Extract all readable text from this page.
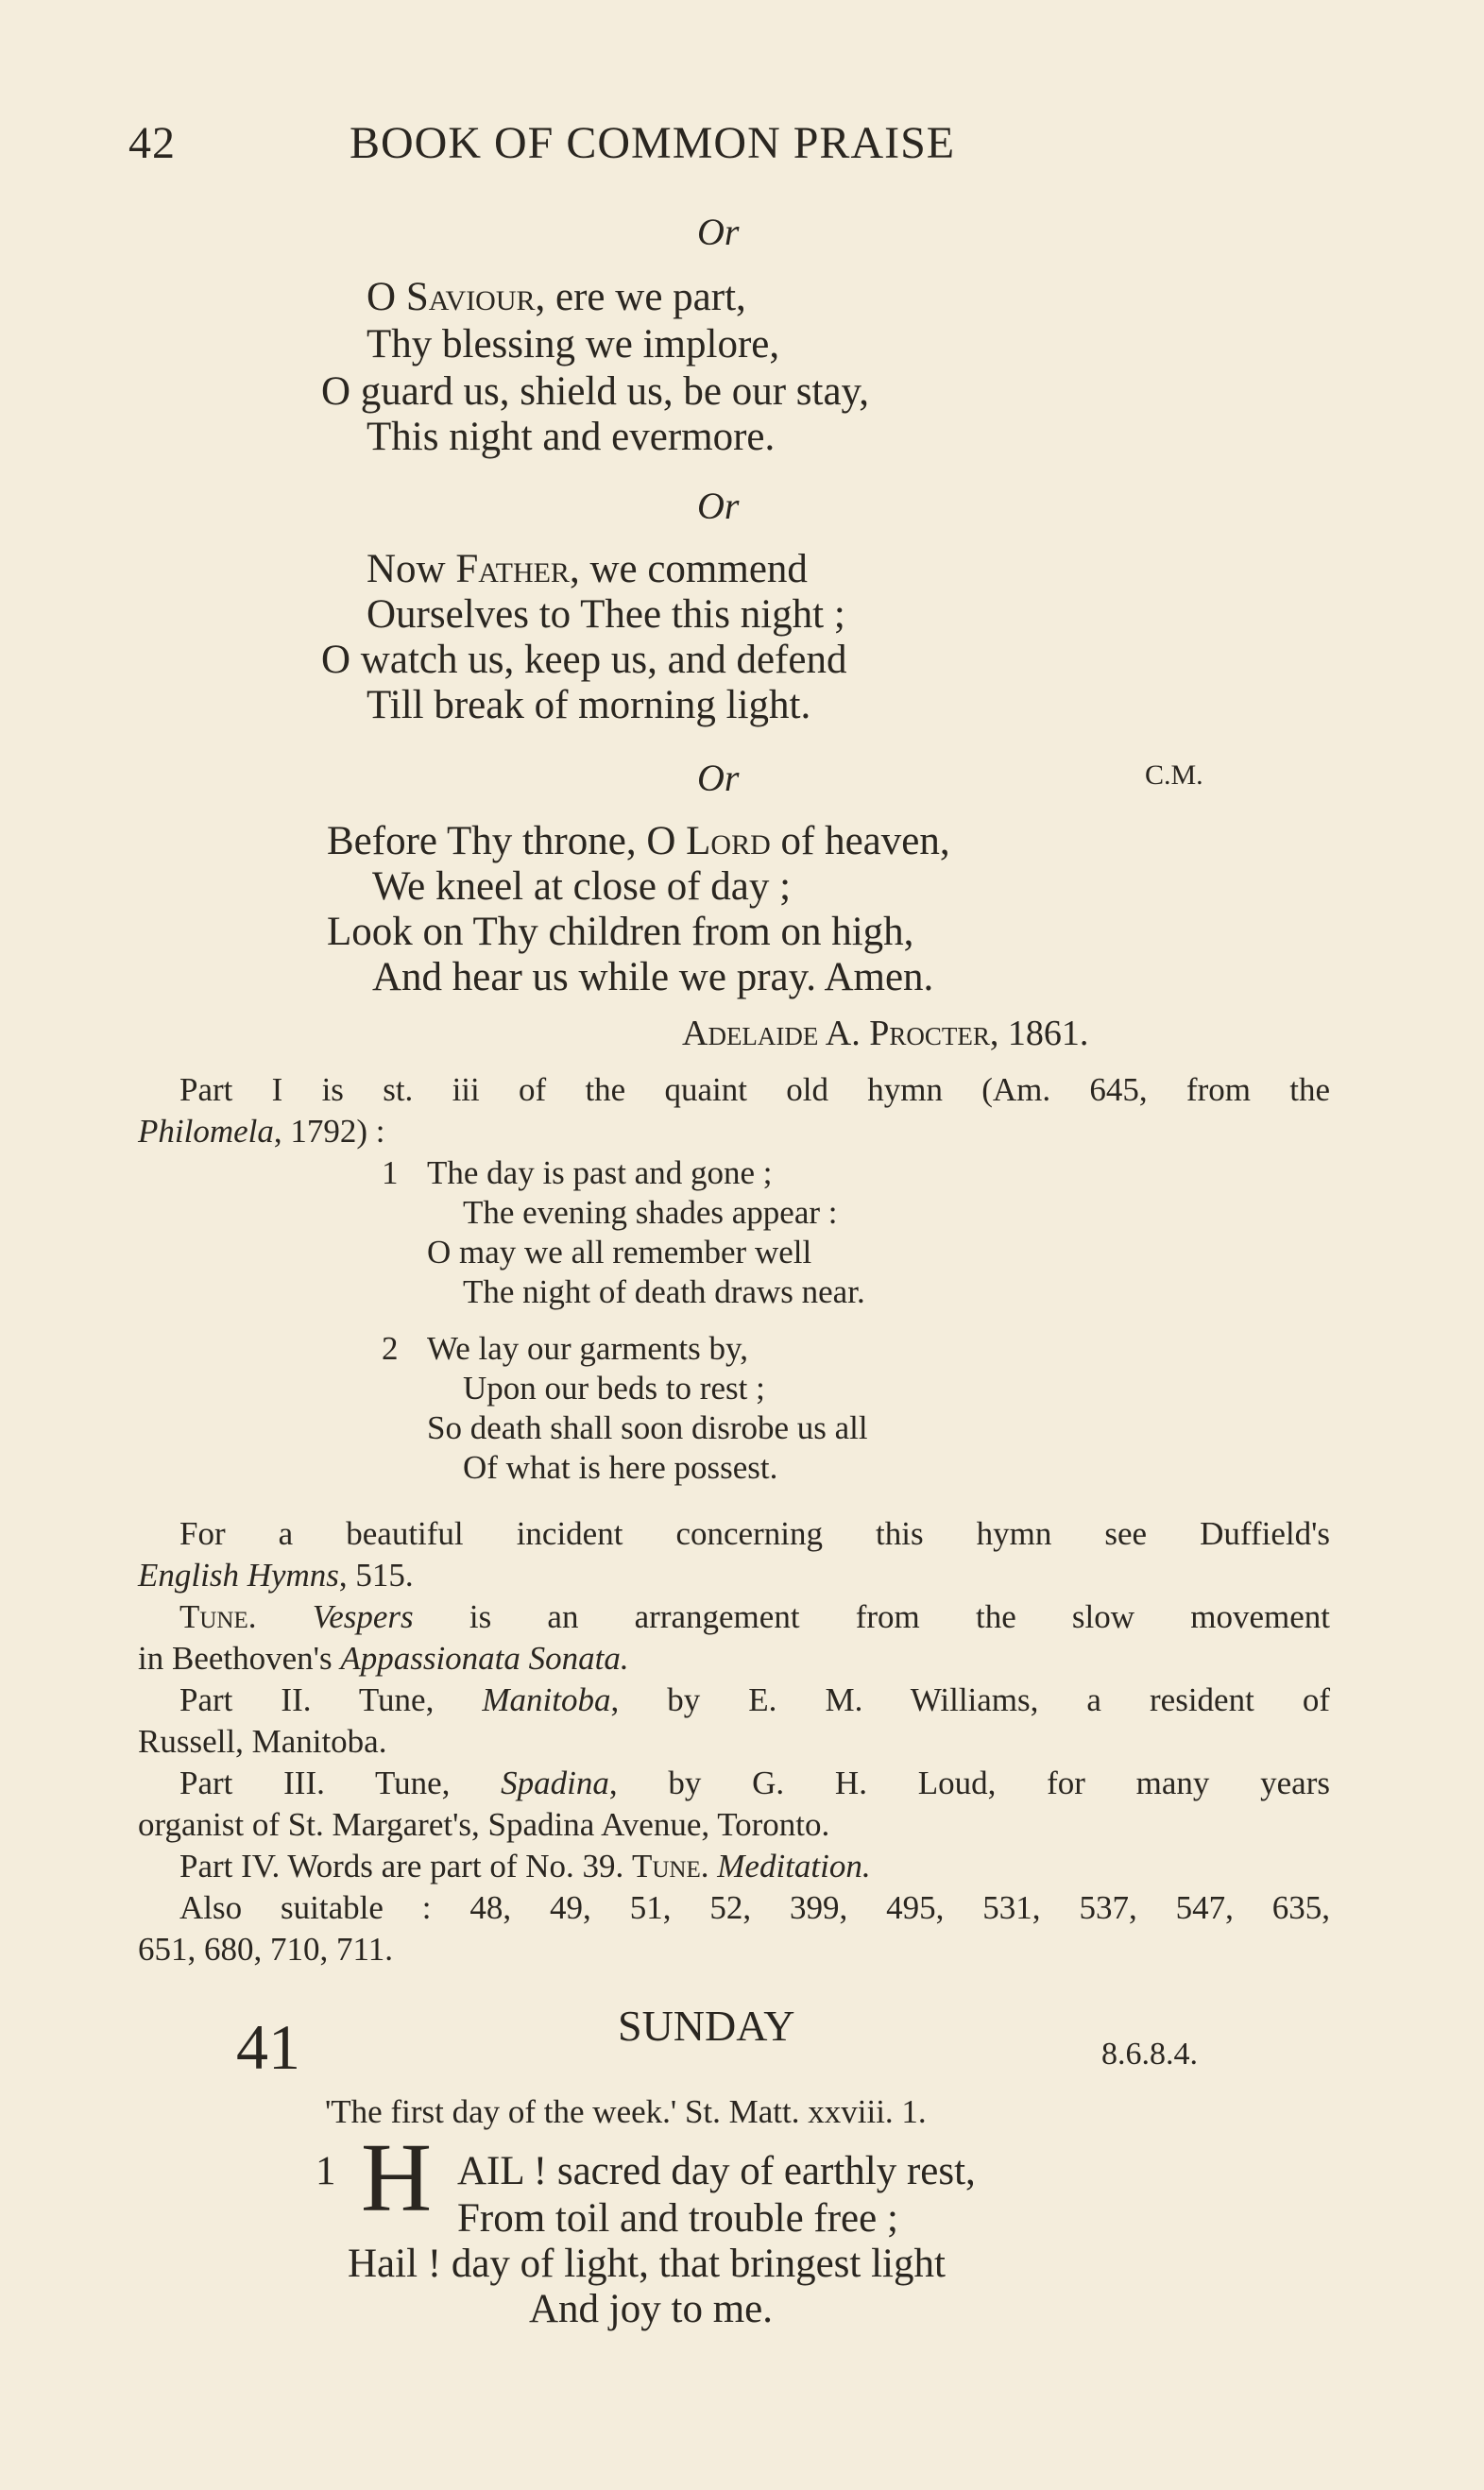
42	BOOK OF COMMON PRAISE
Or
O Saviour, ere we part,
Thy blessing we implore,
O guard us, shield us, be our stay,
This night and evermore.
Or
Now Father, we commend
Ourselves to Thee this night ;
O watch us, keep us, and defend
Till break of morning light.
Or	C.M.
Before Thy throne, O Lord of heaven,
We kneel at close of day ;
Look on Thy children from on high,
And hear us while we pray. Amen.
Adelaide A. Procter, 1861.
Part I is st. iii of the quaint old hymn (Am. 645, from the
Philomela, 1792) :
1 The day is past and gone ;
The evening shades appear :
O may we all remember well
The night of death draws near.
2 We lay our garments by,
Upon our beds to rest ;
So death shall soon disrobe us all
Of what is here possest.
For a beautiful incident concerning this hymn see Duffield's
English Hymns, 515.
Tune. Vespers is an arrangement from the slow movement
in Beethoven's Appassionata Sonata.
Part II. Tune, Manitoba, by E. M. Williams, a resident of
Russell, Manitoba.
Part III. Tune, Spadina, by G. H. Loud, for many years
organist of St. Margaret's, Spadina Avenue, Toronto.
Part IV. Words are part of No. 39. Tune. Meditation.
Also suitable : 48, 49, 51, 52, 399, 495, 531, 537, 547, 635,
651, 680, 710, 711.
41	SUNDAY
8.6.8.4.
'The first day of the week.' St. Matt. xxviii. 1.
1 H AIL ! sacred day of earthly rest,
From toil and trouble free ;
Hail ! day of light, that bringest light
And joy to me.
